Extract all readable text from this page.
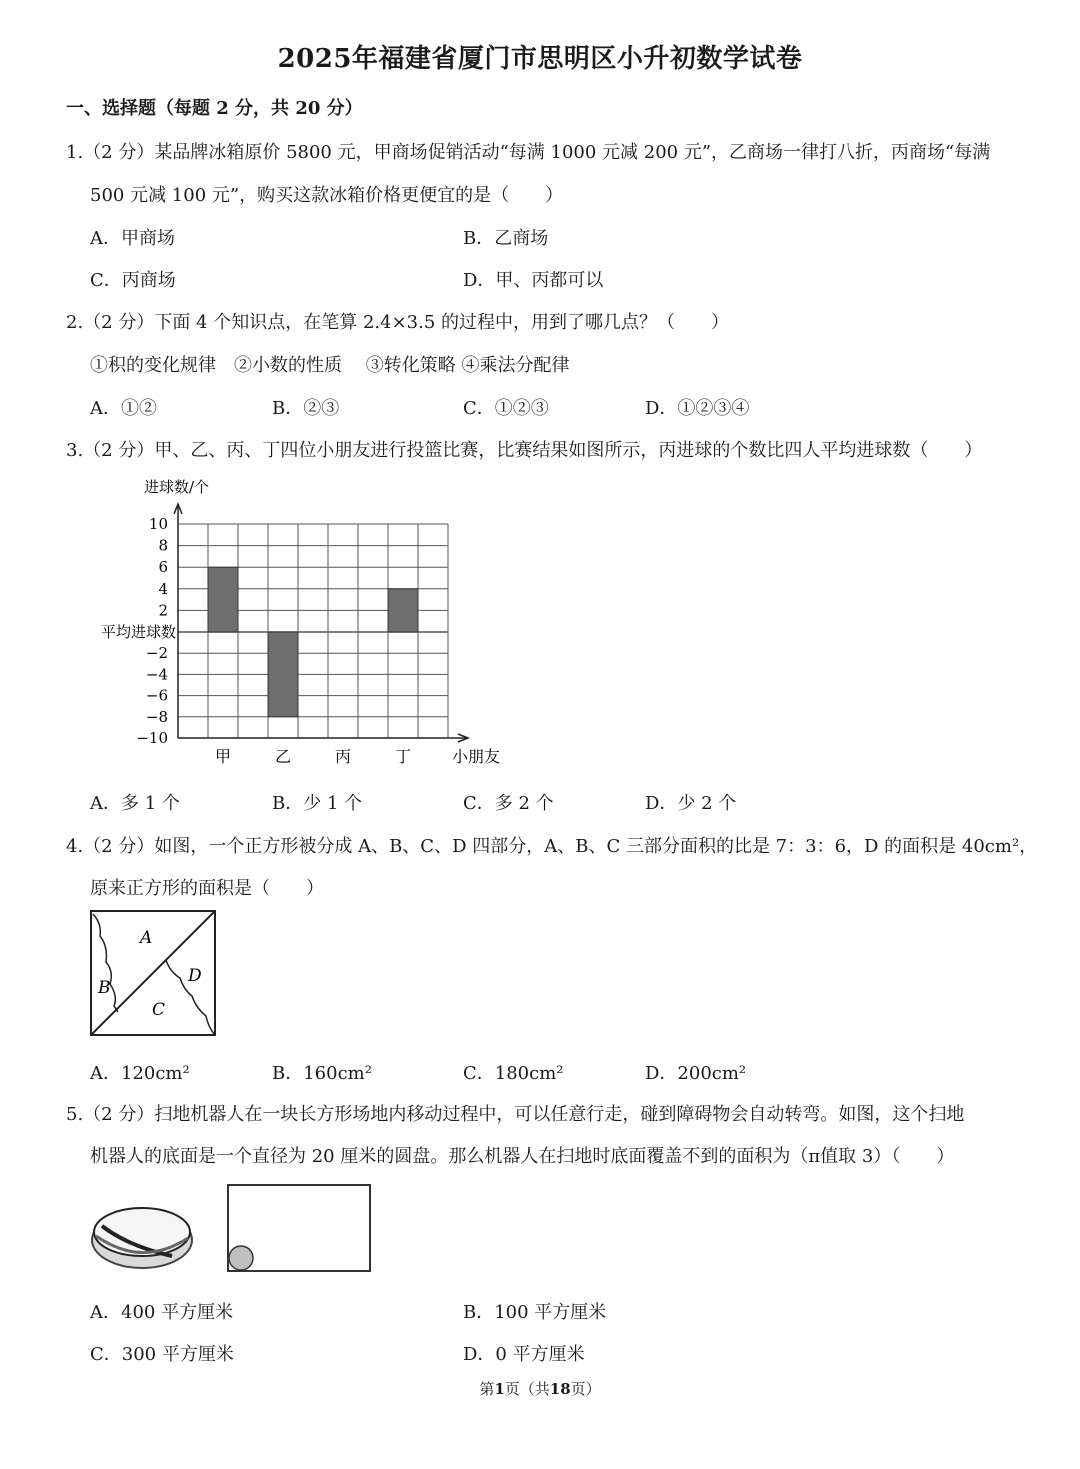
2025年福建省厦门市思明区小升初数学试卷
一、选择题（每题 2 分，共 20 分）
1.（2 分）某品牌冰箱原价 5800 元，甲商场促销活动“每满 1000 元减 200 元”，乙商场一律打八折，丙商场“每满
500 元减 100 元”，购买这款冰箱价格更便宜的是（　　）
A．甲商场	B．乙商场
C．丙商场	D．甲、丙都可以
2.（2 分）下面 4 个知识点，在笔算 2.4×3.5 的过程中，用到了哪几点？（　　）
①积的变化规律　②小数的性质　 ③转化策略 ④乘法分配律
A．①②	B．②③	C．①②③	D．①②③④
3.（2 分）甲、乙、丙、丁四位小朋友进行投篮比赛，比赛结果如图所示，丙进球的个数比四人平均进球数（　　）
甲	乙	丙	丁
10
8
6
4
2
−2
−4
−6
−8
−10
平均进球数
进球数/个
小朋友
A．多 1 个	B．少 1 个	C．多 2 个	D．少 2 个
4.（2 分）如图，一个正方形被分成 A、B、C、D 四部分，A、B、C 三部分面积的比是 7：3：6，D 的面积是 40cm²，
原来正方形的面积是（　　）
A
B
C
D
A．120cm²	B．160cm²	C．180cm²	D．200cm²
5.（2 分）扫地机器人在一块长方形场地内移动过程中，可以任意行走，碰到障碍物会自动转弯。如图，这个扫地
机器人的底面是一个直径为 20 厘米的圆盘。那么机器人在扫地时底面覆盖不到的面积为（π值取 3）（　　）
A．400 平方厘米	B．100 平方厘米
C．300 平方厘米	D．0 平方厘米
第1页（共18页）
